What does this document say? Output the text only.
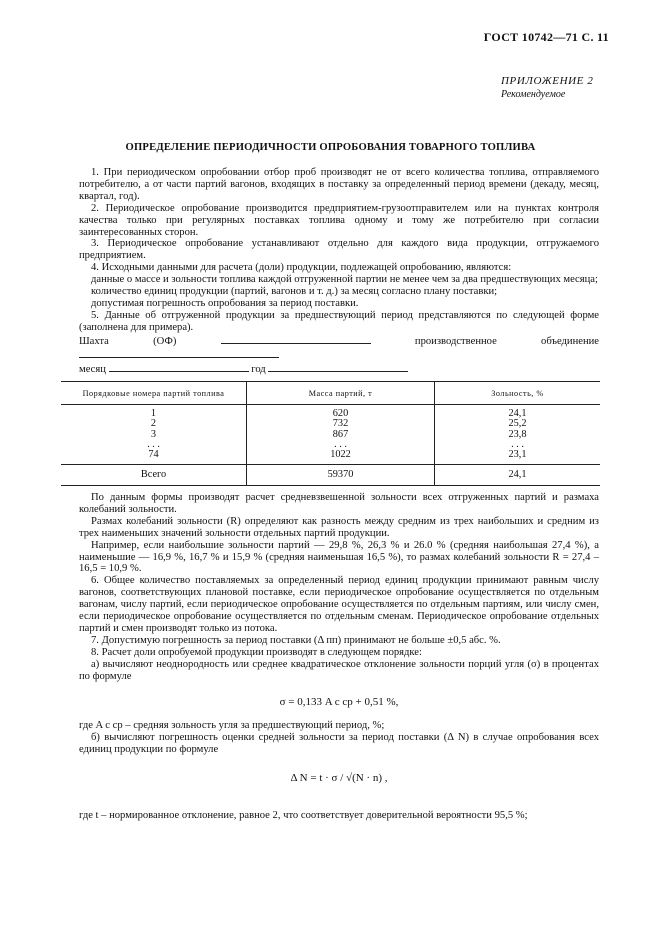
ГОСТ 10742—71 С. 11
ПРИЛОЖЕНИЕ 2
Рекомендуемое
ОПРЕДЕЛЕНИЕ ПЕРИОДИЧНОСТИ ОПРОБОВАНИЯ ТОВАРНОГО ТОПЛИВА

1. При периодическом опробовании отбор проб производят не от всего количества топлива, отправляемого потребителю, а от части партий вагонов, входящих в поставку за определенный период времени (декаду, месяц, квартал, год).

2. Периодическое опробование производится предприятием-грузоотправителем или на пунктах контроля качества только при регулярных поставках топлива одному и тому же потребителю при согласии заинтересованных сторон.

3. Периодическое опробование устанавливают отдельно для каждого вида продукции, отгружаемого предприятием.

4. Исходными данными для расчета (доли) продукции, подлежащей опробованию, являются:

данные о массе и зольности топлива каждой отгруженной партии не менее чем за два предшествующих месяца;

количество единиц продукции (партий, вагонов и т. д.) за месяц согласно плану поставки;

допустимая погрешность опробования за период поставки.

5. Данные об отгруженной продукции за предшествующий период представляются по следующей форме (заполнена для примера).

Шахта (ОФ)	производственное объединение
месяц	год
Порядковые номера партий топлива	Масса партий, т	Зольность, %
1	620	24,1
2	732	25,2
3	867	23,8
. . .	. . .	. . .
74	1022	23,1
Всего	59370	24,1

По данным формы производят расчет средневзвешенной зольности всех отгруженных партий и размаха колебаний зольности.

Размах колебаний зольности (R) определяют как разность между средним из трех наибольших и средним из трех наименьших значений зольности отдельных партий продукции.

Например, если наибольшие зольности партий — 29,8 %, 26,3 % и 26.0 % (средняя наибольшая 27,4 %), а наименьшие — 16,9 %, 16,7 % и 15,9 % (средняя наименьшая 16,5 %), то размах колебаний зольности R = 27,4 – 16,5 = 10,9 %.

6. Общее количество поставляемых за определенный период единиц продукции принимают равным числу вагонов, соответствующих плановой поставке, если периодическое опробование осуществляется по отдельным вагонам, числу партий, если периодическое опробование осуществляется по отдельным партиям, или числу смен, если периодическое опробование осуществляется по отдельным сменам. Периодическое опробование отдельных партий и смен производят только из потока.

7. Допустимую погрешность за период поставки (Δ пп) принимают не больше ±0,5 абс. %.

8. Расчет доли опробуемой продукции производят в следующем порядке:

а) вычисляют неоднородность или среднее квадратическое отклонение зольности порций угля (σ) в процентах по формуле

σ = 0,133 A c ср + 0,51 %,

где A c ср – средняя зольность угля за предшествующий период, %;

б) вычисляют погрешность оценки средней зольности за период поставки (Δ N) в случае опробования всех единиц продукции по формуле

Δ N = t · σ / √(N · n) ,

где t – нормированное отклонение, равное 2, что соответствует доверительной вероятности 95,5 %;
